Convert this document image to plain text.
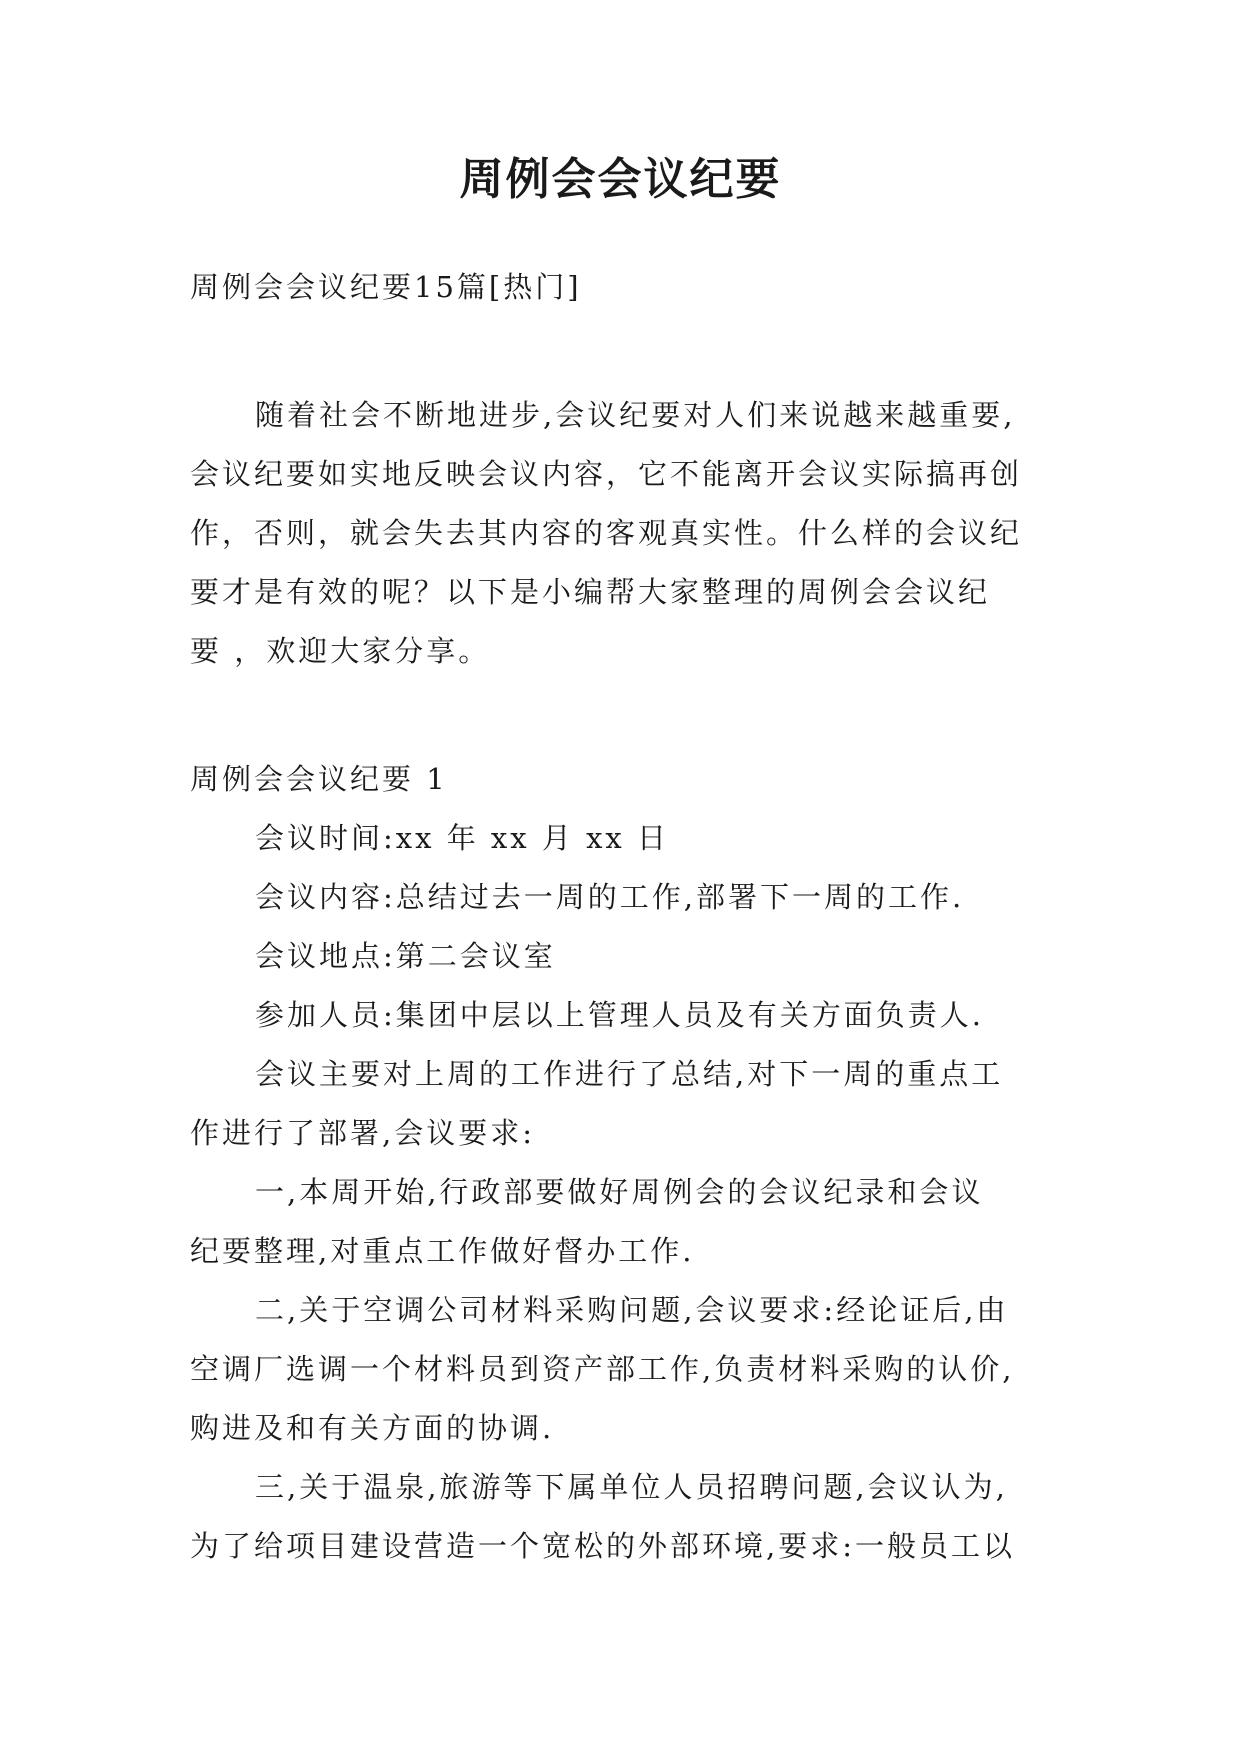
周例会会议纪要

周例会会议纪要15篇[热门]

随着社会不断地进步,会议纪要对人们来说越来越重要,

会议纪要如实地反映会议内容，它不能离开会议实际搞再创

作，否则，就会失去其内容的客观真实性。什么样的会议纪

要才是有效的呢？以下是小编帮大家整理的周例会会议纪

要 ，欢迎大家分享。

周例会会议纪要 1

会议时间:xx 年 xx 月 xx 日

会议内容:总结过去一周的工作,部署下一周的工作.

会议地点:第二会议室

参加人员:集团中层以上管理人员及有关方面负责人.

会议主要对上周的工作进行了总结,对下一周的重点工

作进行了部署,会议要求:

一,本周开始,行政部要做好周例会的会议纪录和会议

纪要整理,对重点工作做好督办工作.

二,关于空调公司材料采购问题,会议要求:经论证后,由

空调厂选调一个材料员到资产部工作,负责材料采购的认价,

购进及和有关方面的协调.

三,关于温泉,旅游等下属单位人员招聘问题,会议认为,

为了给项目建设营造一个宽松的外部环境,要求:一般员工以
